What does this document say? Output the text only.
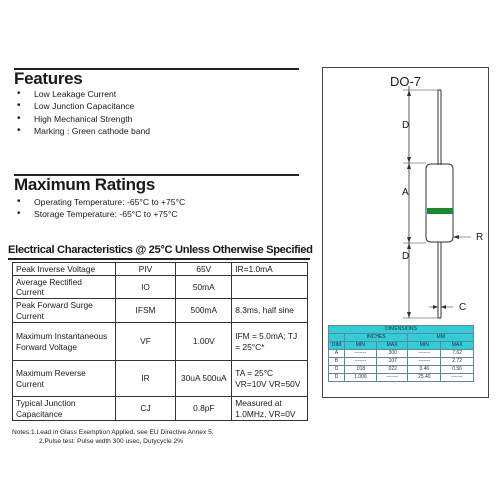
Features
• Low Leakage Current
• Low Junction Capacitance
• High Mechanical Strength
• Marking : Green cathode band
Maximum Ratings
• Operating Temperature: -65°C to +75°C
• Storage Temperature: -65°C to +75°C
Electrical Characteristics @ 25°C Unless Otherwise Specified
Peak Inverse Voltage	PIV	65V	IR=1.0mA
Average Rectified Current	IO	50mA	
Peak Forward Surge Current	IFSM	500mA	8.3ms, half sine
Maximum Instantaneous Forward Voltage	VF	1.00V	IFM = 5.0mA; TJ = 25°C*
Maximum Reverse Current	IR	30uA 500uA	TA = 25°C VR=10V VR=50V
Typical Junction Capacitance	CJ	0.8pF	Measured at 1.0MHz, VR=0V
Notes:1.Lead in Glass Exemption Applied, see EU Directive Annex 5.
2.Pulse test: Pulse width 300 usec, Dutycycle 2%
DO-7
D
A
D
R
C
DIMENSIONS				
	INCHES		MM	
DIM	MIN	MAX	MIN	MAX
A	-------	.300	-------	7.62
B	-------	.107	-------	2.72
C	.018	.022	0.46	0.56
D	1.000	-------	25.40	-------
